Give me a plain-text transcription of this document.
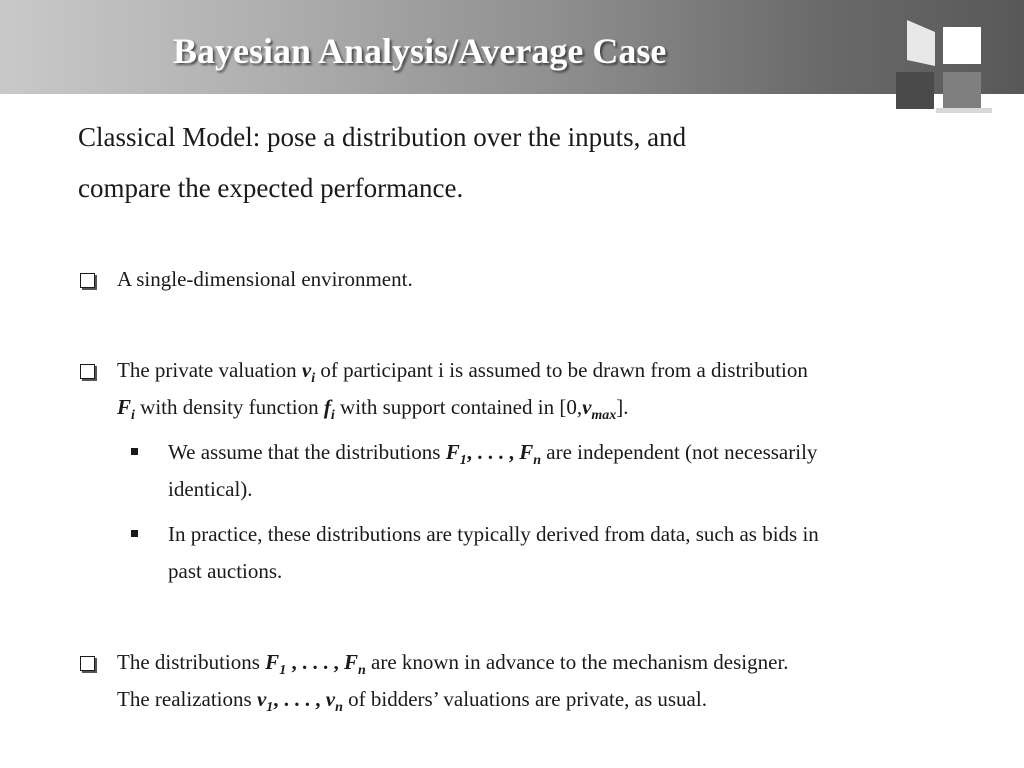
Bayesian Analysis/Average Case
Classical Model: pose a distribution over the inputs, and
compare the expected performance.
A single-dimensional environment.
The private valuation $v_i$ of participant i is assumed to be drawn from a distribution
$F_i$ with density function $f_i$ with support contained in $[0,v_{max}]$.
We assume that the distributions $F_1$, . . . , $F_n$ are independent (not necessarily
identical).
In practice, these distributions are typically derived from data, such as bids in
past auctions.
The distributions $F_1$ , . . . , $F_n$ are known in advance to the mechanism designer.
The realizations $v_1$, . . . , $v_n$ of bidders’ valuations are private, as usual.
